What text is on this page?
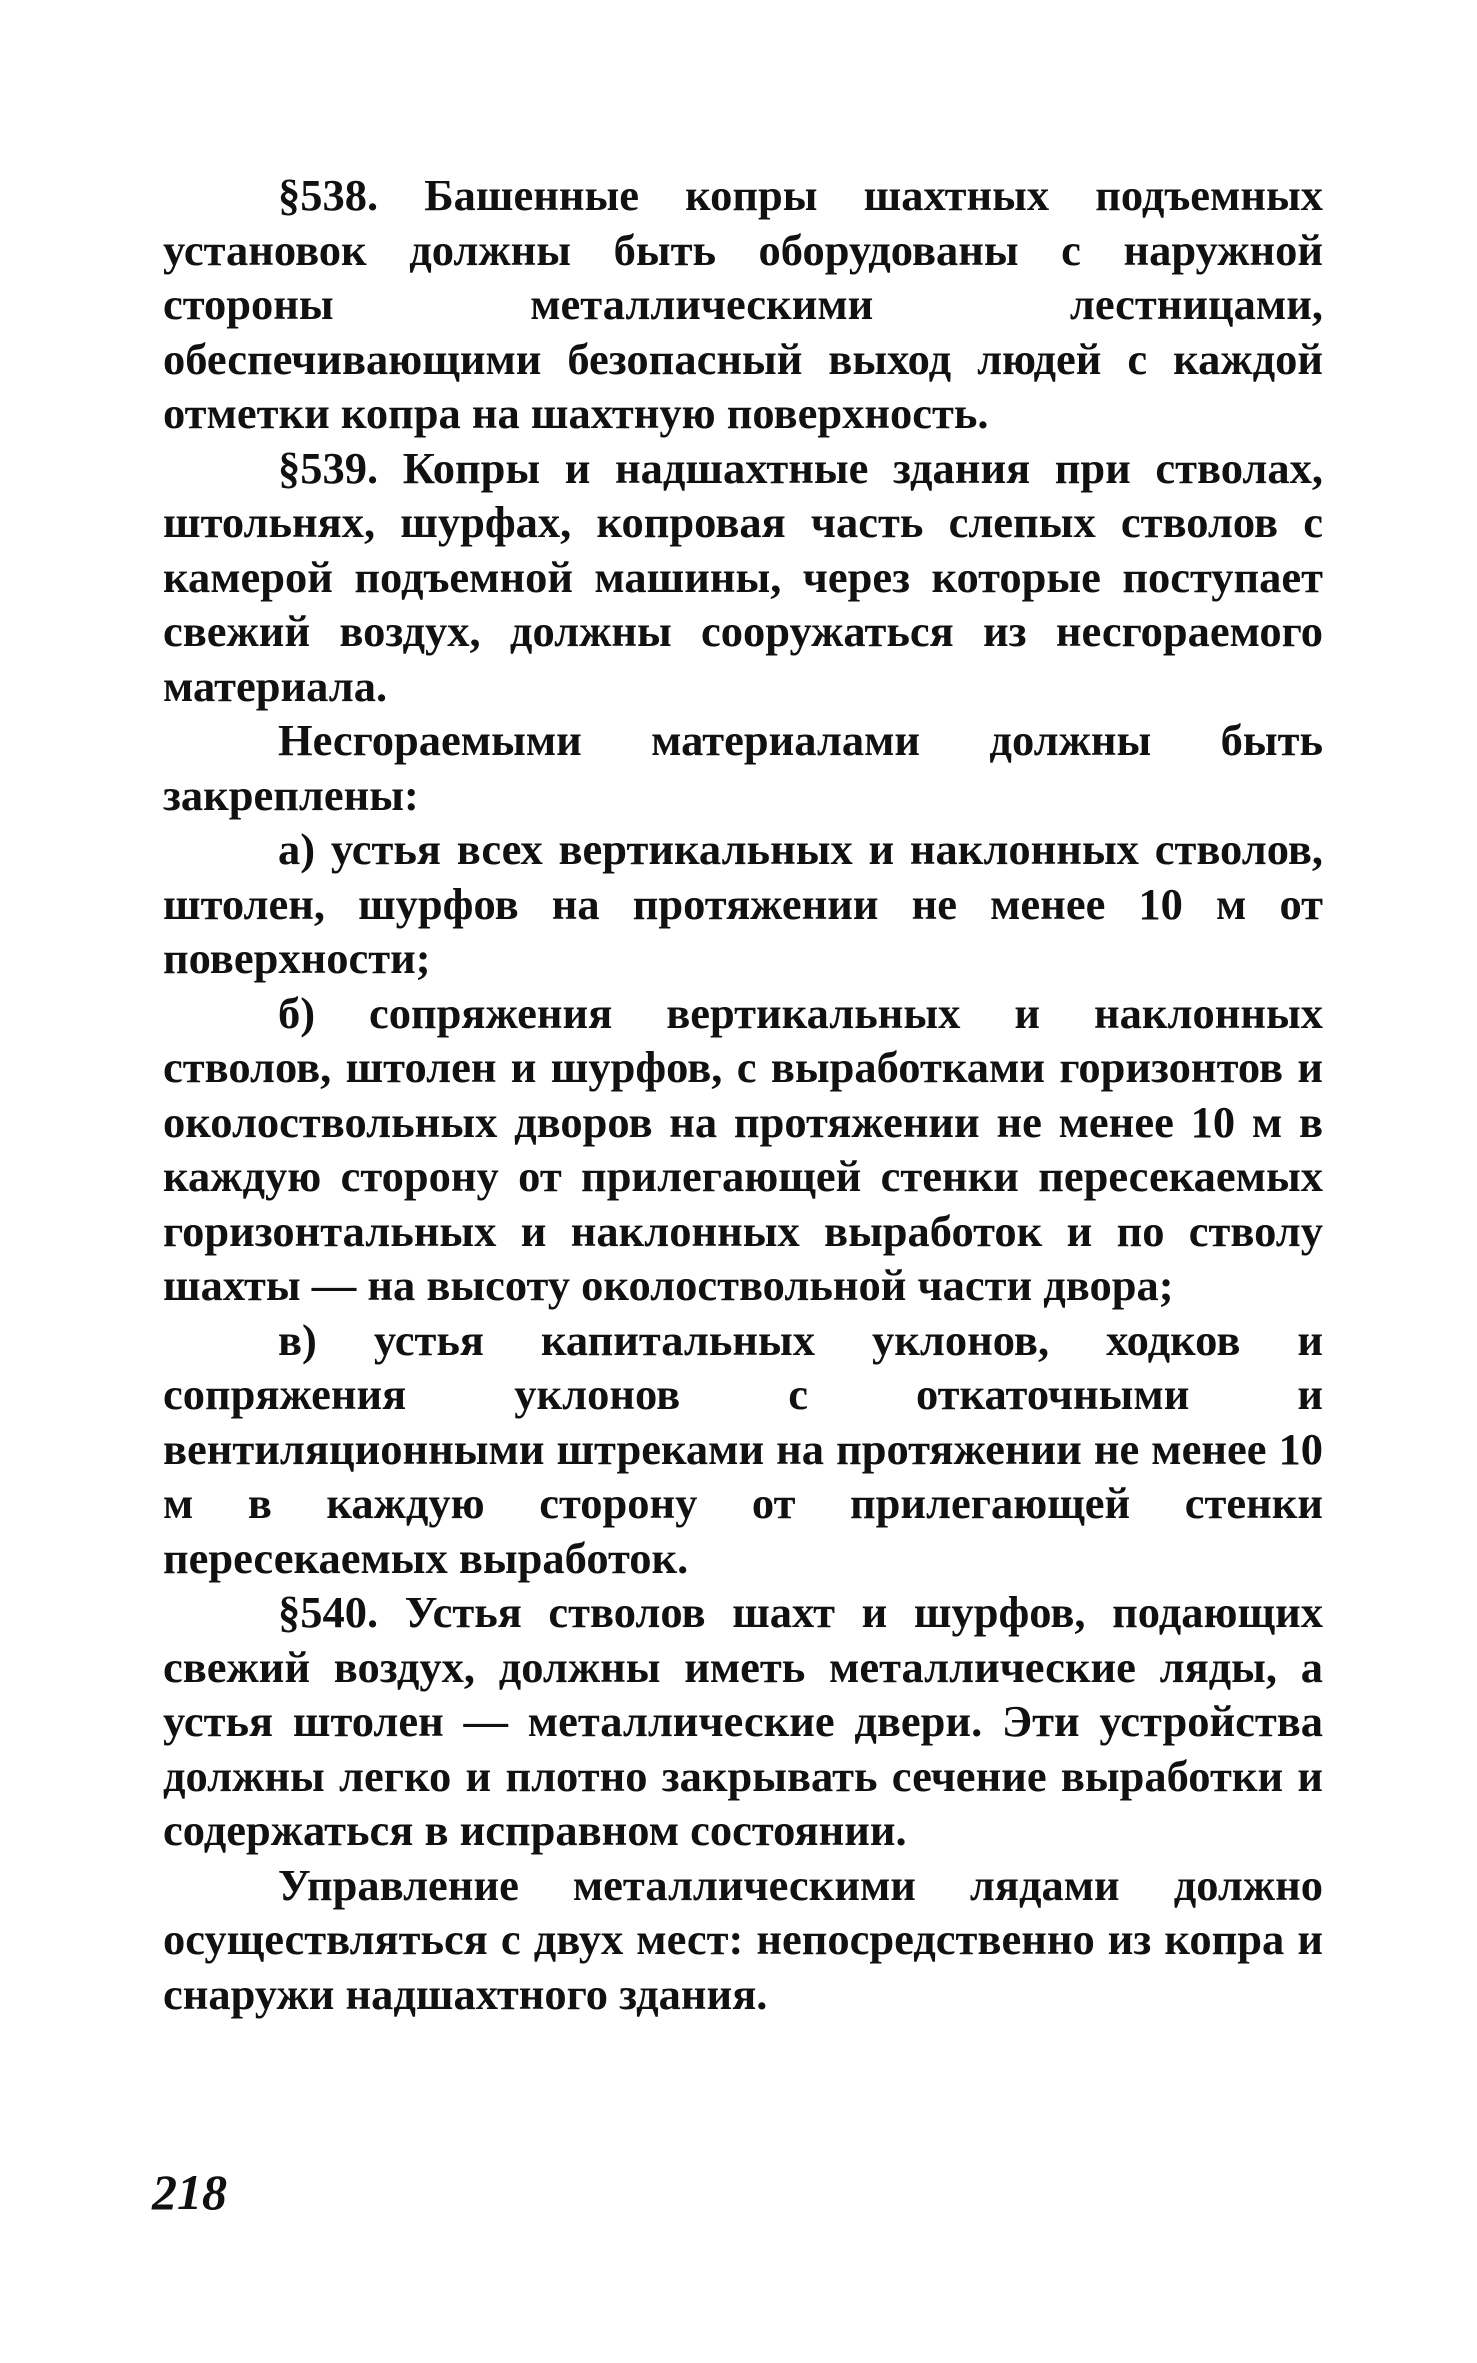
§538. Башенные копры шахтных подъемных установок должны быть оборудованы с наружной стороны металлическими лестницами, обеспечивающими безопасный выход людей с каждой отметки копра на шахтную поверхность.

§539. Копры и надшахтные здания при стволах, штольнях, шурфах, копровая часть слепых стволов с камерой подъемной машины, через которые поступает свежий воздух, должны сооружаться из несгораемого материала.

Несгораемыми материалами должны быть закреплены:

а) устья всех вертикальных и наклонных стволов, штолен, шурфов на протяжении не менее 10 м от поверхности;

б) сопряжения вертикальных и наклонных стволов, штолен и шурфов, с выработками горизонтов и околоствольных дворов на протяжении не менее 10 м в каждую сторону от прилегающей стенки пересекаемых горизонтальных и наклонных выработок и по стволу шахты — на высоту околоствольной части двора;

в) устья капитальных уклонов, ходков и сопряжения уклонов с откаточными и вентиляционными штреками на протяжении не менее 10 м в каждую сторону от прилегающей стенки пересекаемых выработок.

§540. Устья стволов шахт и шурфов, подающих свежий воздух, должны иметь металлические ляды, а устья штолен — металлические двери. Эти устройства должны легко и плотно закрывать сечение выработки и содержаться в исправном состоянии.

Управление металлическими лядами должно осуществляться с двух мест: непосредственно из копра и снаружи надшахтного здания.

218
